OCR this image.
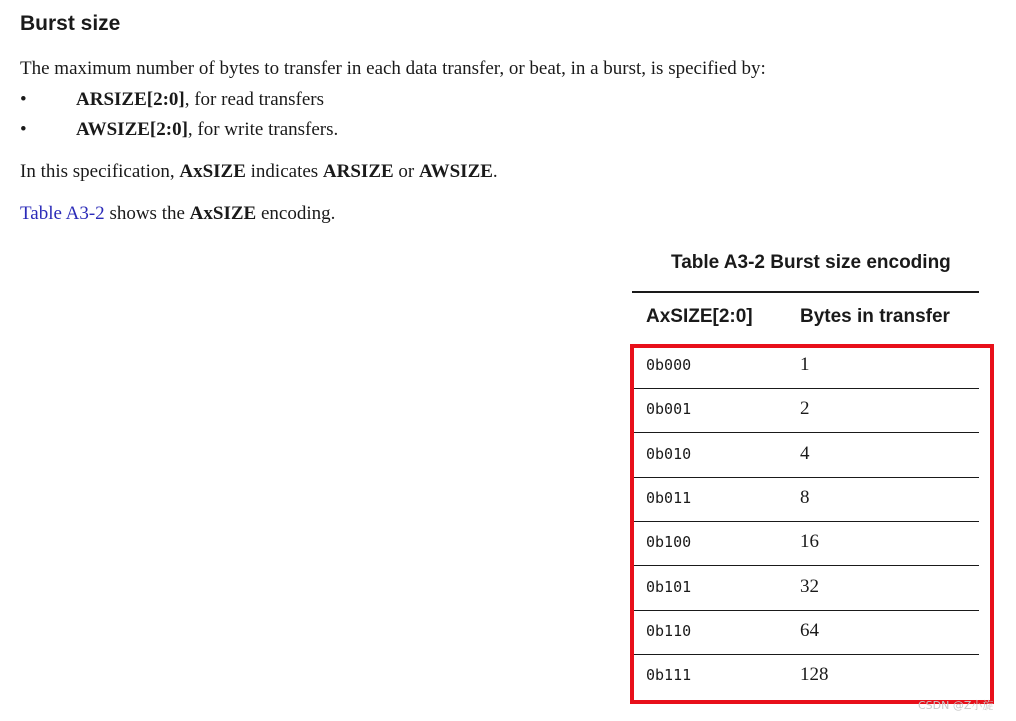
Burst size

The maximum number of bytes to transfer in each data transfer, or beat, in a burst, is specified by:

•	ARSIZE[2:0], for read transfers
•	AWSIZE[2:0], for write transfers.

In this specification, AxSIZE indicates ARSIZE or AWSIZE.

Table A3-2 shows the AxSIZE encoding.

Table A3-2 Burst size encoding
AxSIZE[2:0] Bytes in transfer
0b000	1
0b001	2
0b010	4
0b011	8
0b100	16
0b101	32
0b110	64
0b111	128
CSDN @Z小旋
